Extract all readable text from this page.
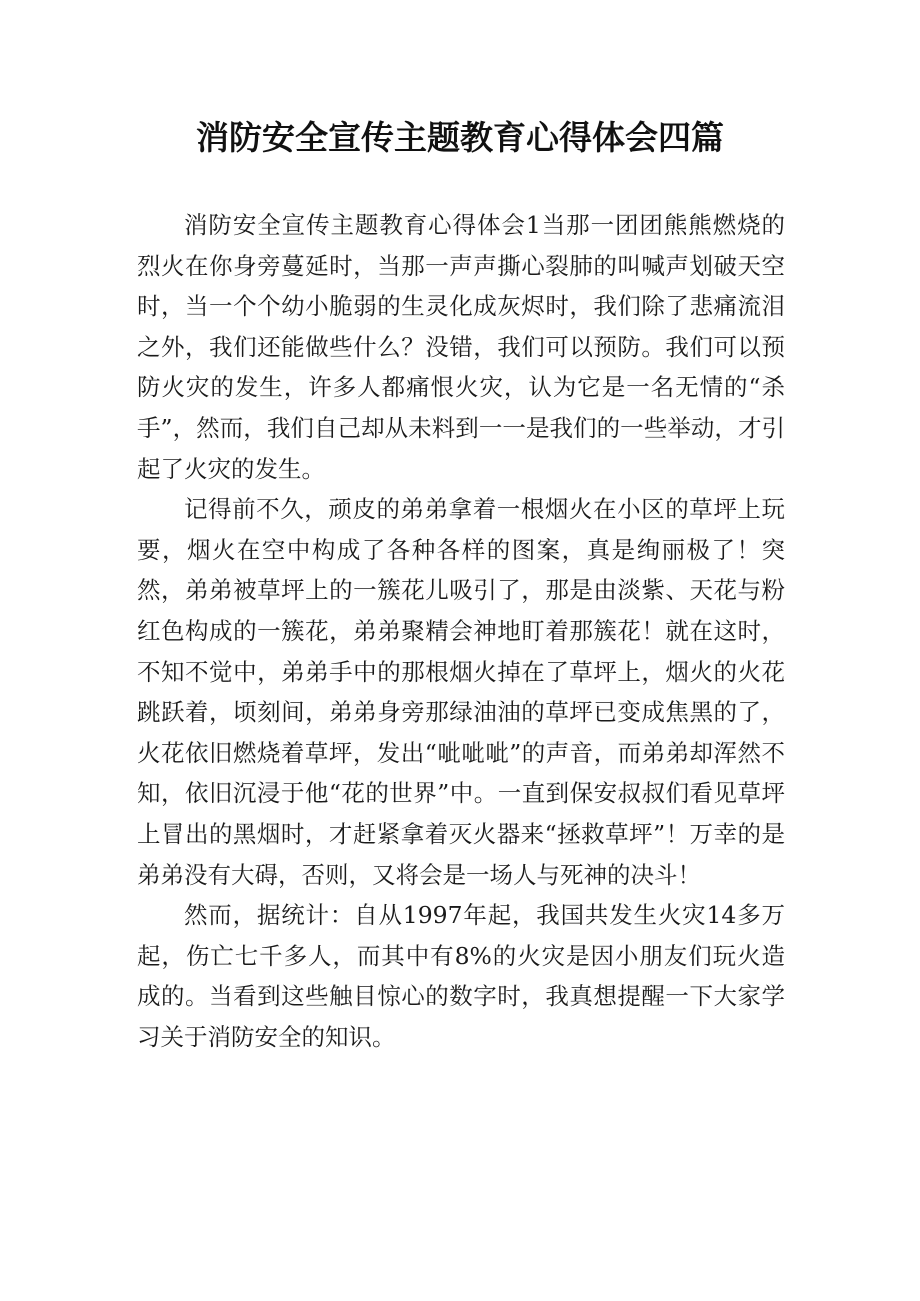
消防安全宣传主题教育心得体会四篇

消防安全宣传主题教育心得体会1当那一团团熊熊燃烧的烈火在你身旁蔓延时，当那一声声撕心裂肺的叫喊声划破天空时，当一个个幼小脆弱的生灵化成灰烬时，我们除了悲痛流泪之外，我们还能做些什么？没错，我们可以预防。我们可以预防火灾的发生，许多人都痛恨火灾，认为它是一名无情的“杀手”，然而，我们自己却从未料到一一是我们的一些举动，才引起了火灾的发生。

记得前不久，顽皮的弟弟拿着一根烟火在小区的草坪上玩要，烟火在空中构成了各种各样的图案，真是绚丽极了！突然，弟弟被草坪上的一簇花儿吸引了，那是由淡紫、天花与粉红色构成的一簇花，弟弟聚精会神地盯着那簇花！就在这时，不知不觉中，弟弟手中的那根烟火掉在了草坪上，烟火的火花跳跃着，顷刻间，弟弟身旁那绿油油的草坪已变成焦黑的了，火花依旧燃烧着草坪，发出“呲呲呲”的声音，而弟弟却浑然不知，依旧沉浸于他“花的世界”中。一直到保安叔叔们看见草坪上冒出的黑烟时，才赶紧拿着灭火器来“拯救草坪”！万幸的是弟弟没有大碍，否则，又将会是一场人与死神的决斗！

然而，据统计：自从1997年起，我国共发生火灾14多万起，伤亡七千多人，而其中有8%的火灾是因小朋友们玩火造成的。当看到这些触目惊心的数字时，我真想提醒一下大家学习关于消防安全的知识。
